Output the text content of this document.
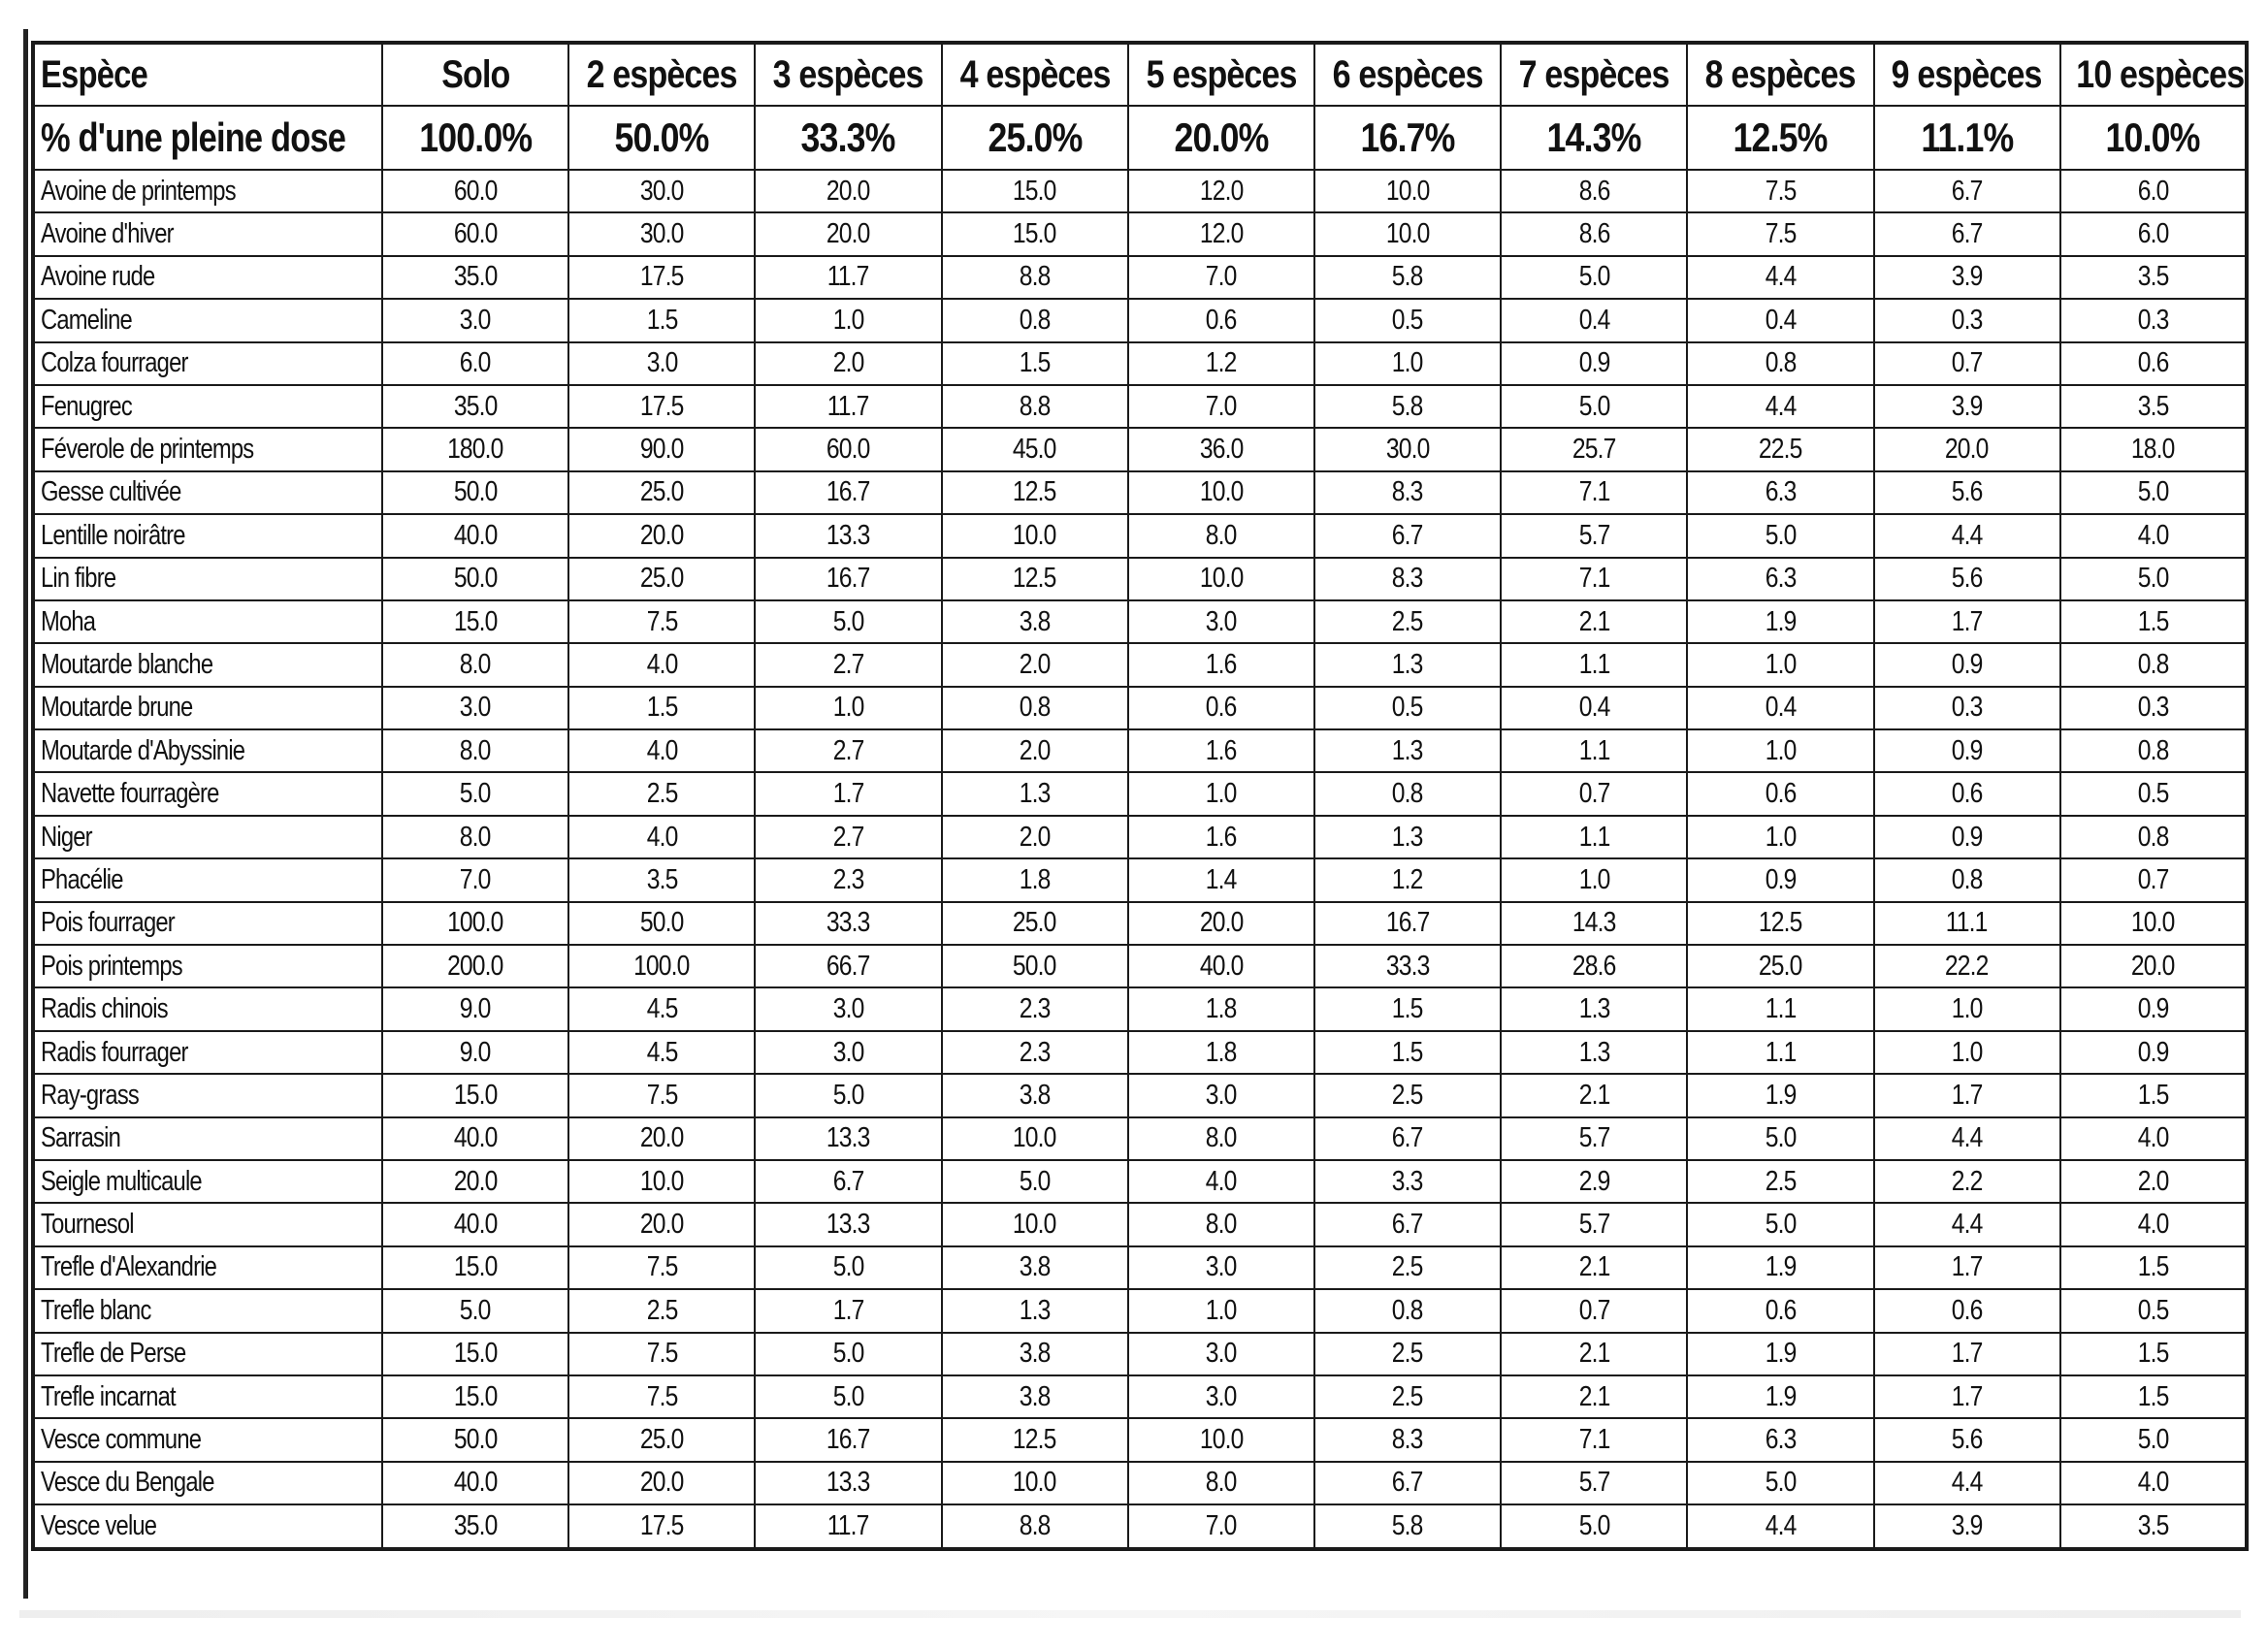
Espèce	Solo	2 espèces	3 espèces	4 espèces	5 espèces	6 espèces	7 espèces	8 espèces	9 espèces	10 espèces
% d'une pleine dose	100.0%	50.0%	33.3%	25.0%	20.0%	16.7%	14.3%	12.5%	11.1%	10.0%
Avoine de printemps	60.0	30.0	20.0	15.0	12.0	10.0	8.6	7.5	6.7	6.0
Avoine d'hiver	60.0	30.0	20.0	15.0	12.0	10.0	8.6	7.5	6.7	6.0
Avoine rude	35.0	17.5	11.7	8.8	7.0	5.8	5.0	4.4	3.9	3.5
Cameline	3.0	1.5	1.0	0.8	0.6	0.5	0.4	0.4	0.3	0.3
Colza fourrager	6.0	3.0	2.0	1.5	1.2	1.0	0.9	0.8	0.7	0.6
Fenugrec	35.0	17.5	11.7	8.8	7.0	5.8	5.0	4.4	3.9	3.5
Féverole de printemps	180.0	90.0	60.0	45.0	36.0	30.0	25.7	22.5	20.0	18.0
Gesse cultivée	50.0	25.0	16.7	12.5	10.0	8.3	7.1	6.3	5.6	5.0
Lentille noirâtre	40.0	20.0	13.3	10.0	8.0	6.7	5.7	5.0	4.4	4.0
Lin fibre	50.0	25.0	16.7	12.5	10.0	8.3	7.1	6.3	5.6	5.0
Moha	15.0	7.5	5.0	3.8	3.0	2.5	2.1	1.9	1.7	1.5
Moutarde blanche	8.0	4.0	2.7	2.0	1.6	1.3	1.1	1.0	0.9	0.8
Moutarde brune	3.0	1.5	1.0	0.8	0.6	0.5	0.4	0.4	0.3	0.3
Moutarde d'Abyssinie	8.0	4.0	2.7	2.0	1.6	1.3	1.1	1.0	0.9	0.8
Navette fourragère	5.0	2.5	1.7	1.3	1.0	0.8	0.7	0.6	0.6	0.5
Niger	8.0	4.0	2.7	2.0	1.6	1.3	1.1	1.0	0.9	0.8
Phacélie	7.0	3.5	2.3	1.8	1.4	1.2	1.0	0.9	0.8	0.7
Pois fourrager	100.0	50.0	33.3	25.0	20.0	16.7	14.3	12.5	11.1	10.0
Pois printemps	200.0	100.0	66.7	50.0	40.0	33.3	28.6	25.0	22.2	20.0
Radis chinois	9.0	4.5	3.0	2.3	1.8	1.5	1.3	1.1	1.0	0.9
Radis fourrager	9.0	4.5	3.0	2.3	1.8	1.5	1.3	1.1	1.0	0.9
Ray-grass	15.0	7.5	5.0	3.8	3.0	2.5	2.1	1.9	1.7	1.5
Sarrasin	40.0	20.0	13.3	10.0	8.0	6.7	5.7	5.0	4.4	4.0
Seigle multicaule	20.0	10.0	6.7	5.0	4.0	3.3	2.9	2.5	2.2	2.0
Tournesol	40.0	20.0	13.3	10.0	8.0	6.7	5.7	5.0	4.4	4.0
Trefle d'Alexandrie	15.0	7.5	5.0	3.8	3.0	2.5	2.1	1.9	1.7	1.5
Trefle blanc	5.0	2.5	1.7	1.3	1.0	0.8	0.7	0.6	0.6	0.5
Trefle de Perse	15.0	7.5	5.0	3.8	3.0	2.5	2.1	1.9	1.7	1.5
Trefle incarnat	15.0	7.5	5.0	3.8	3.0	2.5	2.1	1.9	1.7	1.5
Vesce commune	50.0	25.0	16.7	12.5	10.0	8.3	7.1	6.3	5.6	5.0
Vesce du Bengale	40.0	20.0	13.3	10.0	8.0	6.7	5.7	5.0	4.4	4.0
Vesce velue	35.0	17.5	11.7	8.8	7.0	5.8	5.0	4.4	3.9	3.5
